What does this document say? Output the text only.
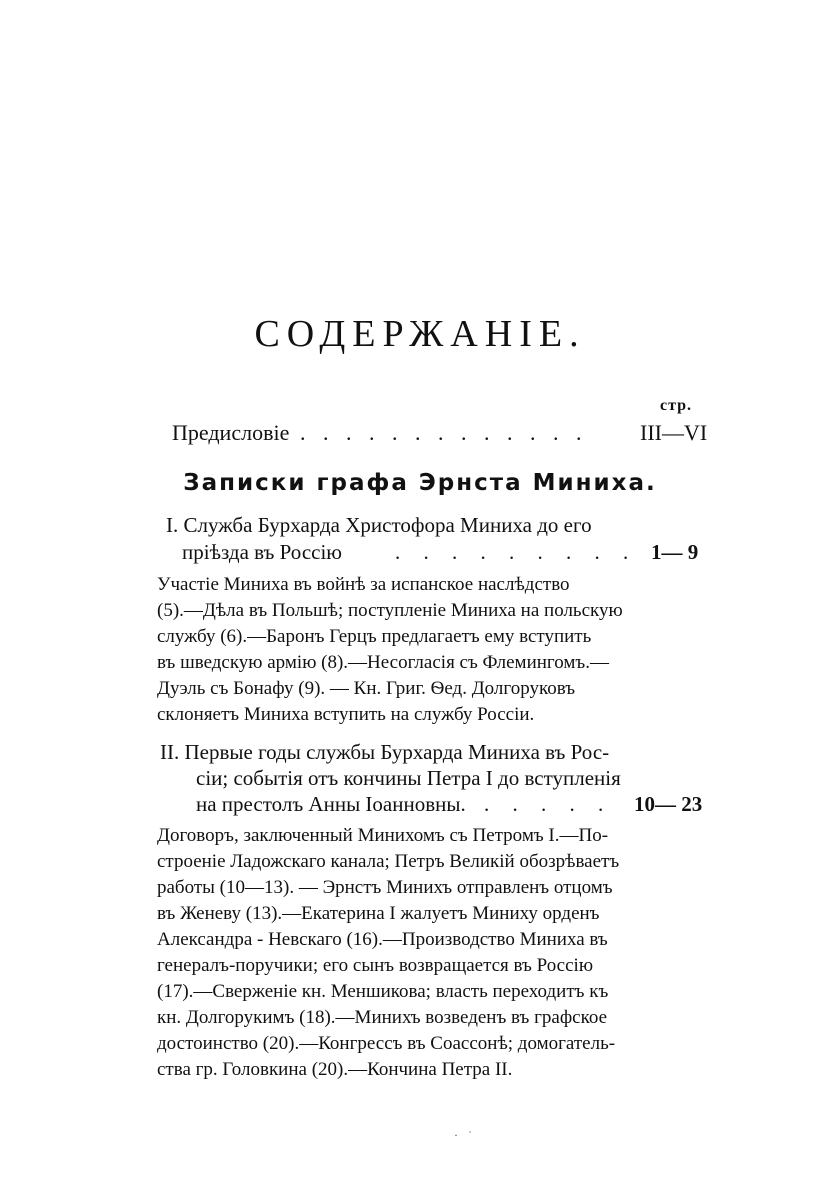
СОДЕРЖАНІЕ.
стр.
Предисловіе . . . . . . . . . . . . . III—VI
Записки графа Эрнста Миниха.
I. Служба Бурхарда Христофора Миниха до его
пріѣзда въ Россію	. . . . . . . . . 1— 9
Участіе Миниха въ войнѣ за испанское наслѣдство
(5).—Дѣла въ Польшѣ; поступленіе Миниха на польскую
службу (6).—Баронъ Герцъ предлагаетъ ему вступить
въ шведскую армію (8).—Несогласія съ Флемингомъ.—
Дуэль съ Бонафу (9). — Кн. Григ. Ѳед. Долгоруковъ
склоняетъ Миниха вступить на службу Россіи.
II. Первые годы службы Бурхарда Миниха въ Рос-
сіи; событія отъ кончины Петра I до вступленія
на престолъ Анны Іоанновны. . . . . . 10— 23
Договоръ, заключенный Минихомъ съ Петромъ I.—По-
строеніе Ладожскаго канала; Петръ Великій обозрѣваетъ
работы (10—13). — Эрнстъ Минихъ отправленъ отцомъ
въ Женеву (13).—Екатерина I жалуетъ Миниху орденъ
Александра - Невскаго (16).—Производство Миниха въ
генералъ-поручики; его сынъ возвращается въ Россію
(17).—Сверженіе кн. Меншикова; власть переходитъ къ
кн. Долгорукимъ (18).—Минихъ возведенъ въ графское
достоинство (20).—Конгрессъ въ Соассонѣ; домогатель-
ства гр. Головкина (20).—Кончина Петра II.
·˙
